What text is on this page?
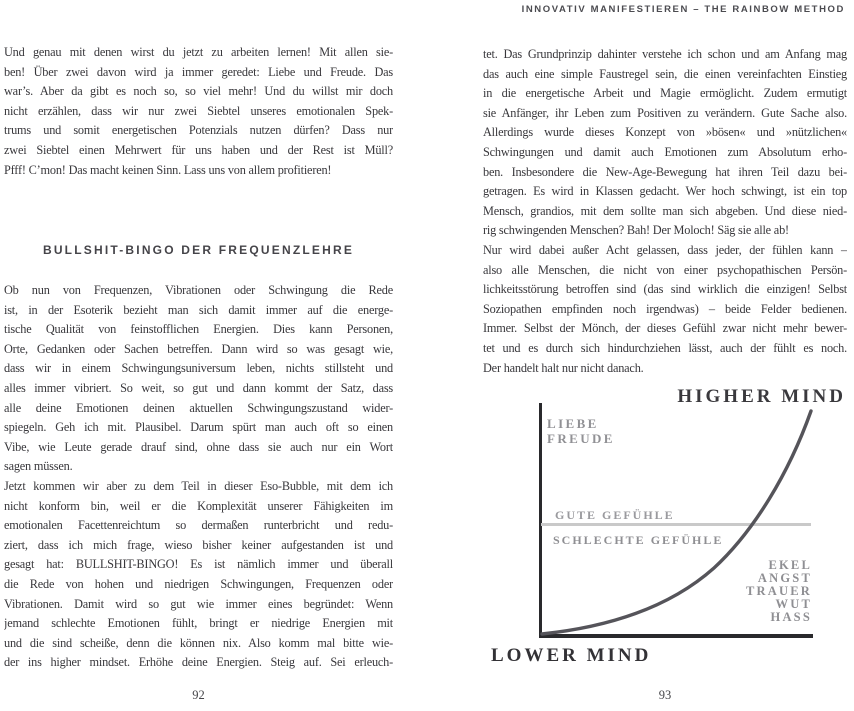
INNOVATIV MANIFESTIEREN – THE RAINBOW METHOD
Und genau mit denen wirst du jetzt zu arbeiten lernen! Mit allen sie-
ben! Über zwei davon wird ja immer geredet: Liebe und Freude. Das
war’s. Aber da gibt es noch so, so viel mehr! Und du willst mir doch
nicht erzählen, dass wir nur zwei Siebtel unseres emotionalen Spek-
trums und somit energetischen Potenzials nutzen dürfen? Dass nur
zwei Siebtel einen Mehrwert für uns haben und der Rest ist Müll?
Pfff! C’mon! Das macht keinen Sinn. Lass uns von allem profitieren!
BULLSHIT-BINGO DER FREQUENZLEHRE
Ob nun von Frequenzen, Vibrationen oder Schwingung die Rede
ist, in der Esoterik bezieht man sich damit immer auf die energe-
tische Qualität von feinstofflichen Energien. Dies kann Personen,
Orte, Gedanken oder Sachen betreffen. Dann wird so was gesagt wie,
dass wir in einem Schwingungsuniversum leben, nichts stillsteht und
alles immer vibriert. So weit, so gut und dann kommt der Satz, dass
alle deine Emotionen deinen aktuellen Schwingungszustand wider-
spiegeln. Geh ich mit. Plausibel. Darum spürt man auch oft so einen
Vibe, wie Leute gerade drauf sind, ohne dass sie auch nur ein Wort
sagen müssen.
Jetzt kommen wir aber zu dem Teil in dieser Eso-Bubble, mit dem ich
nicht konform bin, weil er die Komplexität unserer Fähigkeiten im
emotionalen Facettenreichtum so dermaßen runterbricht und redu-
ziert, dass ich mich frage, wieso bisher keiner aufgestanden ist und
gesagt hat: BULLSHIT-BINGO! Es ist nämlich immer und überall
die Rede von hohen und niedrigen Schwingungen, Frequenzen oder
Vibrationen. Damit wird so gut wie immer eines begründet: Wenn
jemand schlechte Emotionen fühlt, bringt er niedrige Energien mit
und die sind scheiße, denn die können nix. Also komm mal bitte wie-
der ins higher mindset. Erhöhe deine Energien. Steig auf. Sei erleuch-
tet. Das Grundprinzip dahinter verstehe ich schon und am Anfang mag
das auch eine simple Faustregel sein, die einen vereinfachten Einstieg
in die energetische Arbeit und Magie ermöglicht. Zudem ermutigt
sie Anfänger, ihr Leben zum Positiven zu verändern. Gute Sache also.
Allerdings wurde dieses Konzept von »bösen« und »nützlichen«
Schwingungen und damit auch Emotionen zum Absolutum erho-
ben. Insbesondere die New-Age-Bewegung hat ihren Teil dazu bei-
getragen. Es wird in Klassen gedacht. Wer hoch schwingt, ist ein top
Mensch, grandios, mit dem sollte man sich abgeben. Und diese nied-
rig schwingenden Menschen? Bah! Der Moloch! Säg sie alle ab!
Nur wird dabei außer Acht gelassen, dass jeder, der fühlen kann –
also alle Menschen, die nicht von einer psychopathischen Persön-
lichkeitsstörung betroffen sind (das sind wirklich die einzigen! Selbst
Soziopathen empfinden noch irgendwas) – beide Felder bedienen.
Immer. Selbst der Mönch, der dieses Gefühl zwar nicht mehr bewer-
tet und es durch sich hindurchziehen lässt, auch der fühlt es noch.
Der handelt halt nur nicht danach.
HIGHER MIND
LIEBE
FREUDE
GUTE GEFÜHLE
SCHLECHTE GEFÜHLE
EKEL
ANGST
TRAUER
WUT
HASS
LOWER MIND
92	93
